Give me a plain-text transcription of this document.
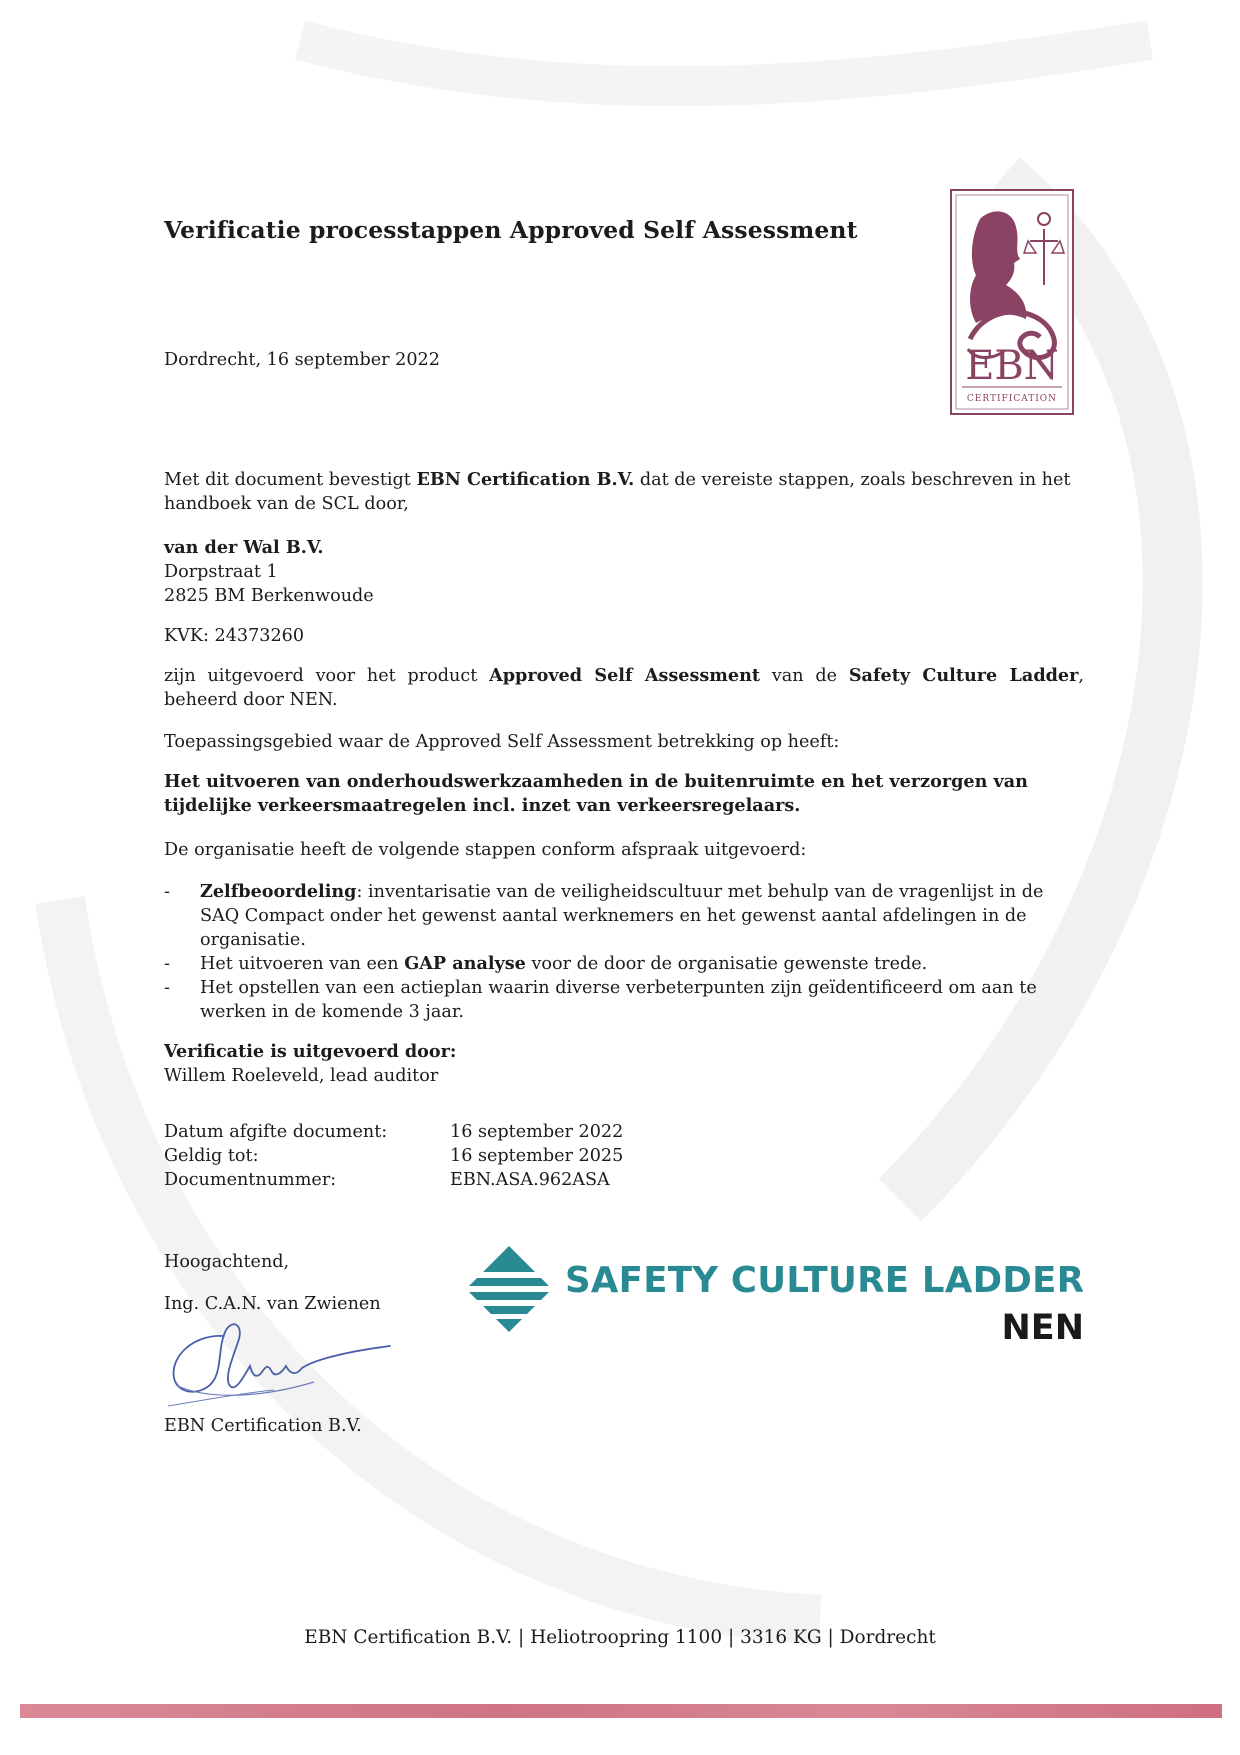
Verificatie processtappen Approved Self Assessment
EBN
CERTIFICATION
Dordrecht, 16 september 2022
Met dit document bevestigt EBN Certification B.V. dat de vereiste stappen, zoals beschreven in het handboek van de SCL door,
van der Wal B.V.
Dorpstraat 1
2825 BM Berkenwoude
KVK: 24373260
zijn uitgevoerd voor het product Approved Self Assessment van de Safety Culture Ladder, beheerd door NEN.
Toepassingsgebied waar de Approved Self Assessment betrekking op heeft:
Het uitvoeren van onderhoudswerkzaamheden in de buitenruimte en het verzorgen van tijdelijke verkeersmaatregelen incl. inzet van verkeersregelaars.
De organisatie heeft de volgende stappen conform afspraak uitgevoerd:
-	Zelfbeoordeling: inventarisatie van de veiligheidscultuur met behulp van de vragenlijst in de SAQ Compact onder het gewenst aantal werknemers en het gewenst aantal afdelingen in de organisatie.
-	Het uitvoeren van een GAP analyse voor de door de organisatie gewenste trede.
-	Het opstellen van een actieplan waarin diverse verbeterpunten zijn geïdentificeerd om aan te werken in de komende 3 jaar.
Verificatie is uitgevoerd door:
Willem Roeleveld, lead auditor
Datum afgifte document:	16 september 2022
Geldig tot:	16 september 2025
Documentnummer:	EBN.ASA.962ASA
Hoogachtend,
Ing. C.A.N. van Zwienen
EBN Certification B.V.
SAFETY CULTURE LADDER
NEN
EBN Certification B.V. | Heliotroopring 1100 | 3316 KG | Dordrecht
